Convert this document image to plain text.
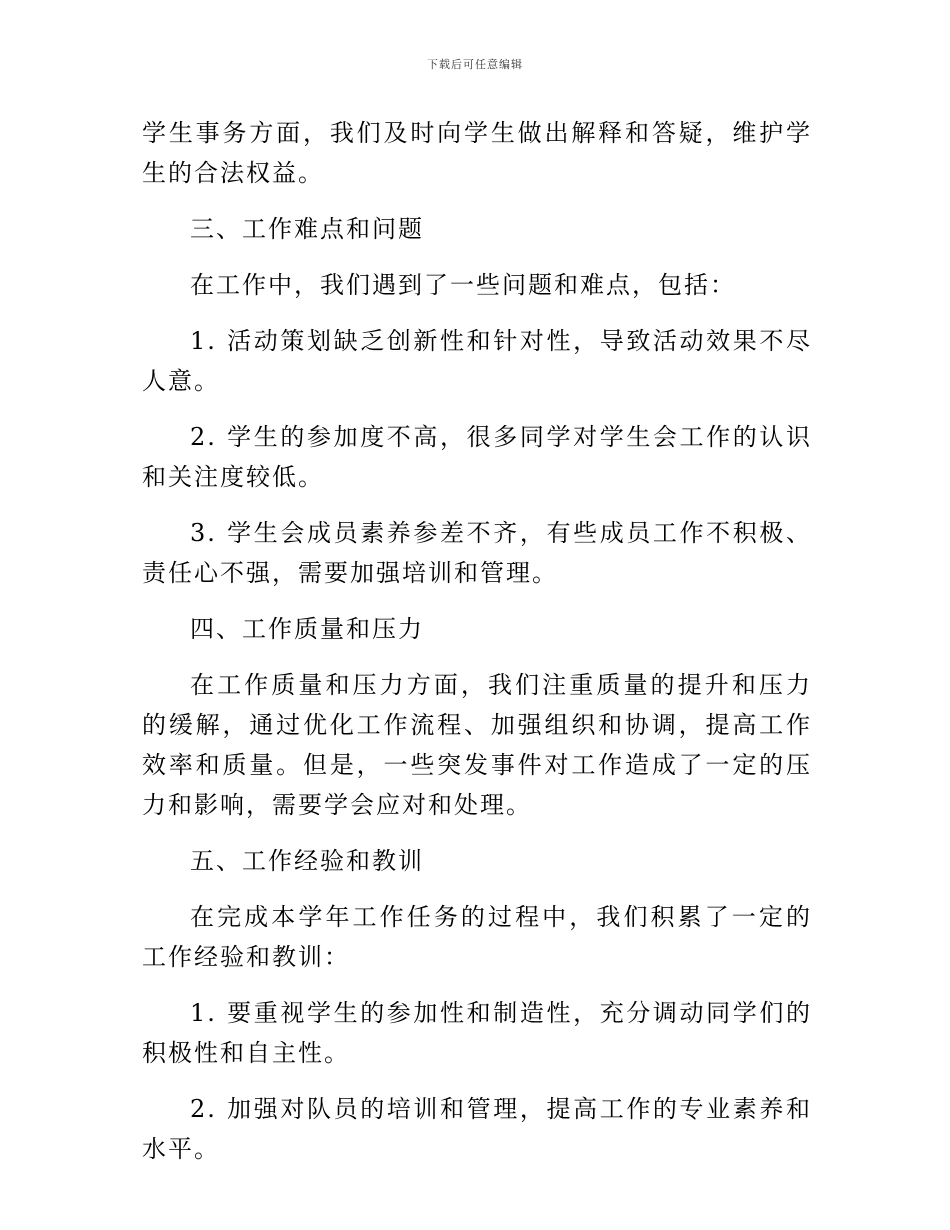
下载后可任意编辑

学生事务方面，我们及时向学生做出解释和答疑，维护学生的合法权益。

三、工作难点和问题

在工作中，我们遇到了一些问题和难点，包括：

1. 活动策划缺乏创新性和针对性，导致活动效果不尽人意。

2. 学生的参加度不高，很多同学对学生会工作的认识和关注度较低。

3. 学生会成员素养参差不齐，有些成员工作不积极、责任心不强，需要加强培训和管理。

四、工作质量和压力

在工作质量和压力方面，我们注重质量的提升和压力的缓解，通过优化工作流程、加强组织和协调，提高工作效率和质量。但是，一些突发事件对工作造成了一定的压力和影响，需要学会应对和处理。

五、工作经验和教训

在完成本学年工作任务的过程中，我们积累了一定的工作经验和教训：

1. 要重视学生的参加性和制造性，充分调动同学们的积极性和自主性。

2. 加强对队员的培训和管理，提高工作的专业素养和水平。
